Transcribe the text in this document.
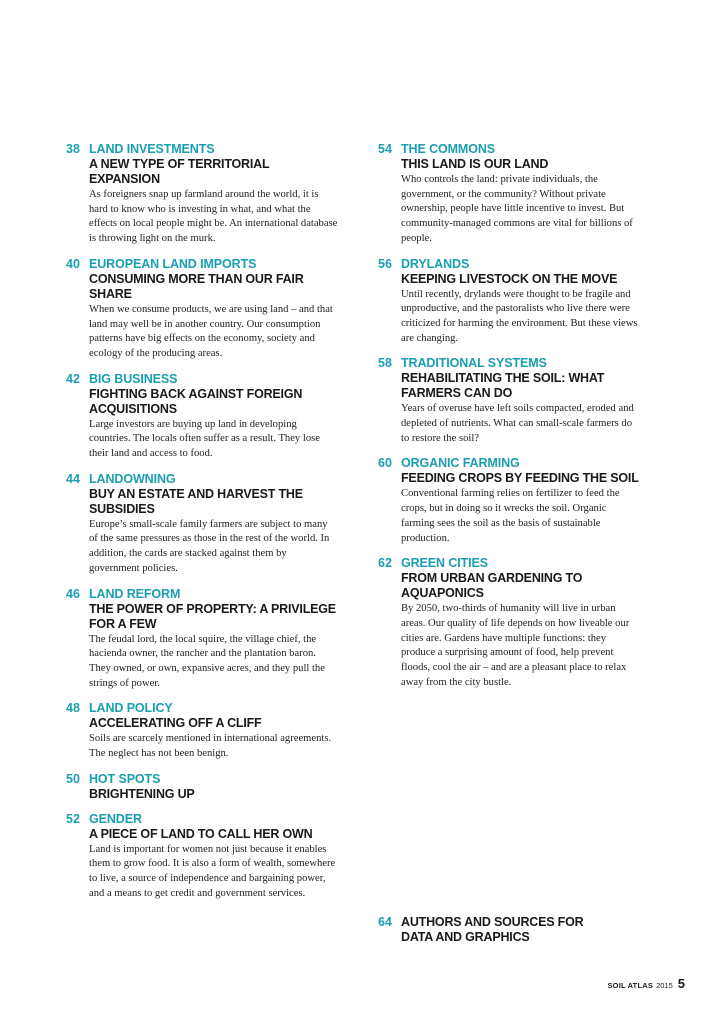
38 LAND INVESTMENTS
A NEW TYPE OF TERRITORIAL EXPANSION
As foreigners snap up farmland around the world, it is hard to know who is investing in what, and what the effects on local people might be. An international database is throwing light on the murk.
40 EUROPEAN LAND IMPORTS
CONSUMING MORE THAN OUR FAIR SHARE
When we consume products, we are using land – and that land may well be in another country. Our consumption patterns have big effects on the economy, society and ecology of the producing areas.
42 BIG BUSINESS
FIGHTING BACK AGAINST FOREIGN ACQUISITIONS
Large investors are buying up land in developing countries. The locals often suffer as a result. They lose their land and access to food.
44 LANDOWNING
BUY AN ESTATE AND HARVEST THE SUBSIDIES
Europe’s small-scale family farmers are subject to many of the same pressures as those in the rest of the world. In addition, the cards are stacked against them by government policies.
46 LAND REFORM
THE POWER OF PROPERTY: A PRIVILEGE FOR A FEW
The feudal lord, the local squire, the village chief, the hacienda owner, the rancher and the plantation baron. They owned, or own, expansive acres, and they pull the strings of power.
48 LAND POLICY
ACCELERATING OFF A CLIFF
Soils are scarcely mentioned in international agreements. The neglect has not been benign.
50 HOT SPOTS
BRIGHTENING UP
52 GENDER
A PIECE OF LAND TO CALL HER OWN
Land is important for women not just because it enables them to grow food. It is also a form of wealth, somewhere to live, a source of independence and bargaining power, and a means to get credit and government services.
54 THE COMMONS
THIS LAND IS OUR LAND
Who controls the land: private individuals, the government, or the community? Without private ownership, people have little incentive to invest. But community-managed commons are vital for billions of people.
56 DRYLANDS
KEEPING LIVESTOCK ON THE MOVE
Until recently, drylands were thought to be fragile and unproductive, and the pastoralists who live there were criticized for harming the environment. But these views are changing.
58 TRADITIONAL SYSTEMS
REHABILITATING THE SOIL: WHAT FARMERS CAN DO
Years of overuse have left soils compacted, eroded and depleted of nutrients. What can small-scale farmers do to restore the soil?
60 ORGANIC FARMING
FEEDING CROPS BY FEEDING THE SOIL
Conventional farming relies on fertilizer to feed the crops, but in doing so it wrecks the soil. Organic farming sees the soil as the basis of sustainable production.
62 GREEN CITIES
FROM URBAN GARDENING TO AQUAPONICS
By 2050, two-thirds of humanity will live in urban areas. Our quality of life depends on how liveable our cities are. Gardens have multiple functions: they produce a surprising amount of food, help prevent floods, cool the air – and are a pleasant place to relax away from the city bustle.
64 AUTHORS AND SOURCES FOR DATA AND GRAPHICS
SOIL ATLAS 2015 5
